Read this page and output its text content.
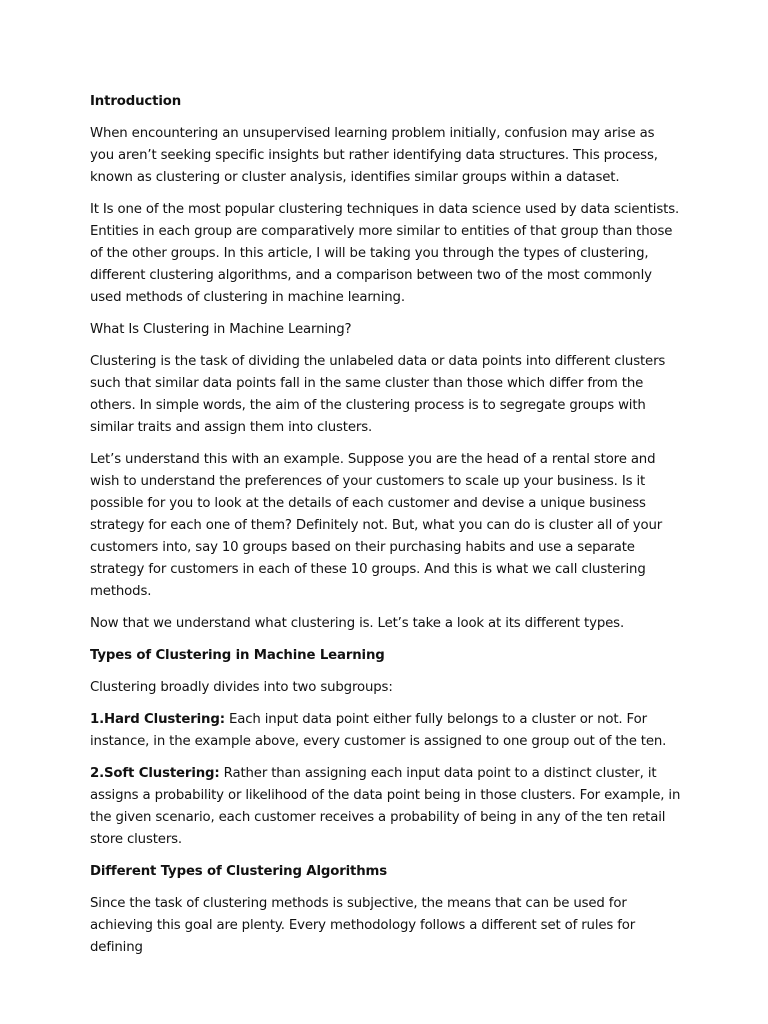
Introduction

When encountering an unsupervised learning problem initially, confusion may arise as you aren’t seeking specific insights but rather identifying data structures. This process, known as clustering or cluster analysis, identifies similar groups within a dataset.

It Is one of the most popular clustering techniques in data science used by data scientists. Entities in each group are comparatively more similar to entities of that group than those of the other groups. In this article, I will be taking you through the types of clustering, different clustering algorithms, and a comparison between two of the most commonly used methods of clustering in machine learning.

What Is Clustering in Machine Learning?

Clustering is the task of dividing the unlabeled data or data points into different clusters such that similar data points fall in the same cluster than those which differ from the others. In simple words, the aim of the clustering process is to segregate groups with similar traits and assign them into clusters.

Let’s understand this with an example. Suppose you are the head of a rental store and wish to understand the preferences of your customers to scale up your business. Is it possible for you to look at the details of each customer and devise a unique business strategy for each one of them? Definitely not. But, what you can do is cluster all of your customers into, say 10 groups based on their purchasing habits and use a separate strategy for customers in each of these 10 groups. And this is what we call clustering methods.

Now that we understand what clustering is. Let’s take a look at its different types.

Types of Clustering in Machine Learning

Clustering broadly divides into two subgroups:

1.Hard Clustering: Each input data point either fully belongs to a cluster or not. For instance, in the example above, every customer is assigned to one group out of the ten.

2.Soft Clustering: Rather than assigning each input data point to a distinct cluster, it assigns a probability or likelihood of the data point being in those clusters. For example, in the given scenario, each customer receives a probability of being in any of the ten retail store clusters.

Different Types of Clustering Algorithms

Since the task of clustering methods is subjective, the means that can be used for achieving this goal are plenty. Every methodology follows a different set of rules for defining
